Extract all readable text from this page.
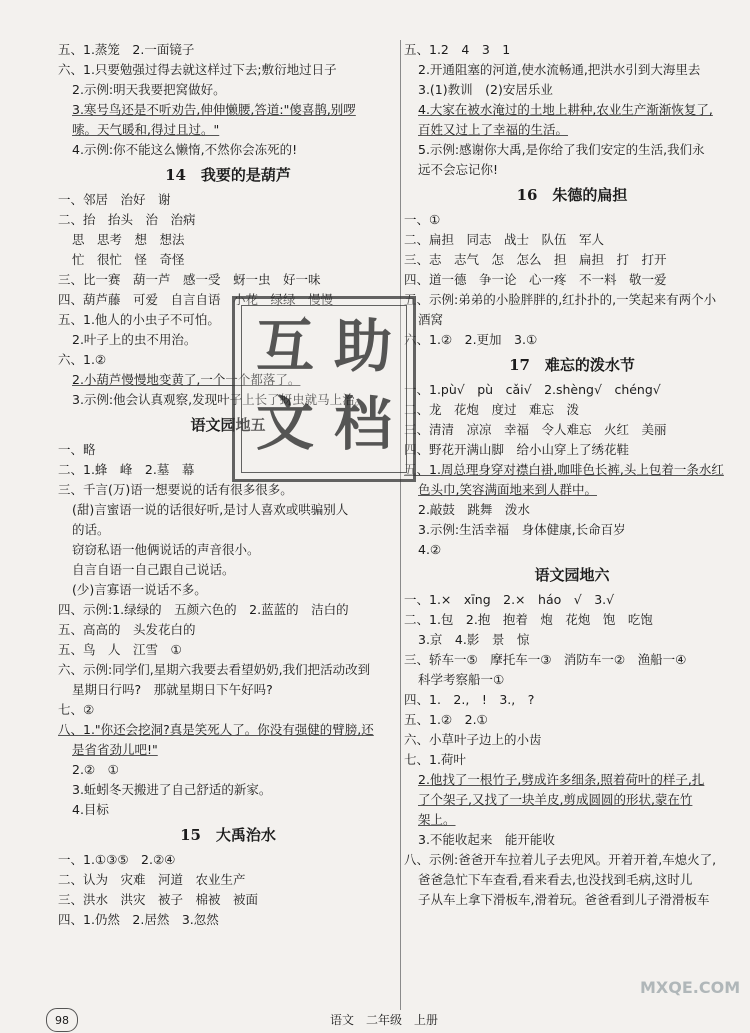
五、1.蒸笼　2.一面镜子
六、1.只要勉强过得去就这样过下去;敷衍地过日子
2.示例:明天我要把窝做好。
3.寒号鸟还是不听劝告,伸伸懒腰,答道:"傻喜鹊,别啰
嗦。天气暖和,得过且过。"
4.示例:你不能这么懒惰,不然你会冻死的!
14　我要的是葫芦
一、邻居　治好　谢
二、抬　抬头　治　治病
思　思考　想　想法
忙　很忙　怪　奇怪
三、比一赛　葫一芦　感一受　蚜一虫　好一味
四、葫芦藤　可爱　自言自语　小花　绿绿　慢慢
五、1.他人的小虫子不可怕。
2.叶子上的虫不用治。
六、1.②
2.小葫芦慢慢地变黄了,一个一个都落了。
3.示例:他会认真观察,发现叶子上长了蚜虫就马上治。
语文园地五
一、略
二、1.蜂　峰　2.墓　幕
三、千言(万)语一想要说的话有很多很多。
(甜)言蜜语一说的话很好听,是讨人喜欢或哄骗别人
的话。
窃窃私语一他俩说话的声音很小。
自言自语一自己跟自己说话。
(少)言寡语一说话不多。
四、示例:1.绿绿的　五颜六色的　2.蓝蓝的　洁白的
五、高高的　头发花白的
五、鸟　人　江雪　①
六、示例:同学们,星期六我要去看望奶奶,我们把活动改到
星期日行吗?　那就星期日下午好吗?
七、②
八、1."你还会挖洞?真是笑死人了。你没有强健的臂膀,还
是省省劲儿吧!"
2.②　①
3.蚯蚓冬天搬进了自己舒适的新家。
4.目标
15　大禹治水
一、1.①③⑤　2.②④
二、认为　灾难　河道　农业生产
三、洪水　洪灾　被子　棉被　被面
四、1.仍然　2.居然　3.忽然
五、1.2　4　3　1
2.开通阻塞的河道,使水流畅通,把洪水引到大海里去
3.(1)教训　(2)安居乐业
4.大家在被水淹过的土地上耕种,农业生产渐渐恢复了,
百姓又过上了幸福的生活。
5.示例:感谢你大禹,是你给了我们安定的生活,我们永
远不会忘记你!
16　朱德的扁担
一、①
二、扁担　同志　战士　队伍　军人
三、志　志气　怎　怎么　担　扁担　打　打开
四、道一德　争一论　心一疼　不一料　敬一爱
五、示例:弟弟的小脸胖胖的,红扑扑的,一笑起来有两个小
酒窝
六、1.②　2.更加　3.①
17　难忘的泼水节
一、1.pù√　pù　cǎi√　2.shèng√　chéng√
二、龙　花炮　度过　难忘　泼
三、清清　凉凉　幸福　令人难忘　火红　美丽
四、野花开满山脚　给小山穿上了绣花鞋
五、1.周总理身穿对襟白褂,咖啡色长裤,头上包着一条水红
色头巾,笑容满面地来到人群中。
2.敲鼓　跳舞　泼水
3.示例:生活幸福　身体健康,长命百岁
4.②
语文园地六
一、1.×　xīng　2.×　háo　√　3.√
二、1.包　2.抱　抱着　炮　花炮　饱　吃饱
3.京　4.影　景　惊
三、轿车一⑤　摩托车一③　消防车一②　渔船一④
科学考察船一①
四、1.　2.,　!　3.,　?
五、1.②　2.①
六、小草叶子边上的小齿
七、1.荷叶
2.他找了一根竹子,劈成许多细条,照着荷叶的样子,扎
了个架子,又找了一块羊皮,剪成圆圆的形状,蒙在竹
架上。
3.不能收起来　能开能收
八、示例:爸爸开车拉着儿子去兜风。开着开着,车熄火了,
爸爸急忙下车查看,看来看去,也没找到毛病,这时儿
子从车上拿下滑板车,滑着玩。爸爸看到儿子滑滑板车
互 助
文 档
MXQE.COM
98	语文　二年级　上册
